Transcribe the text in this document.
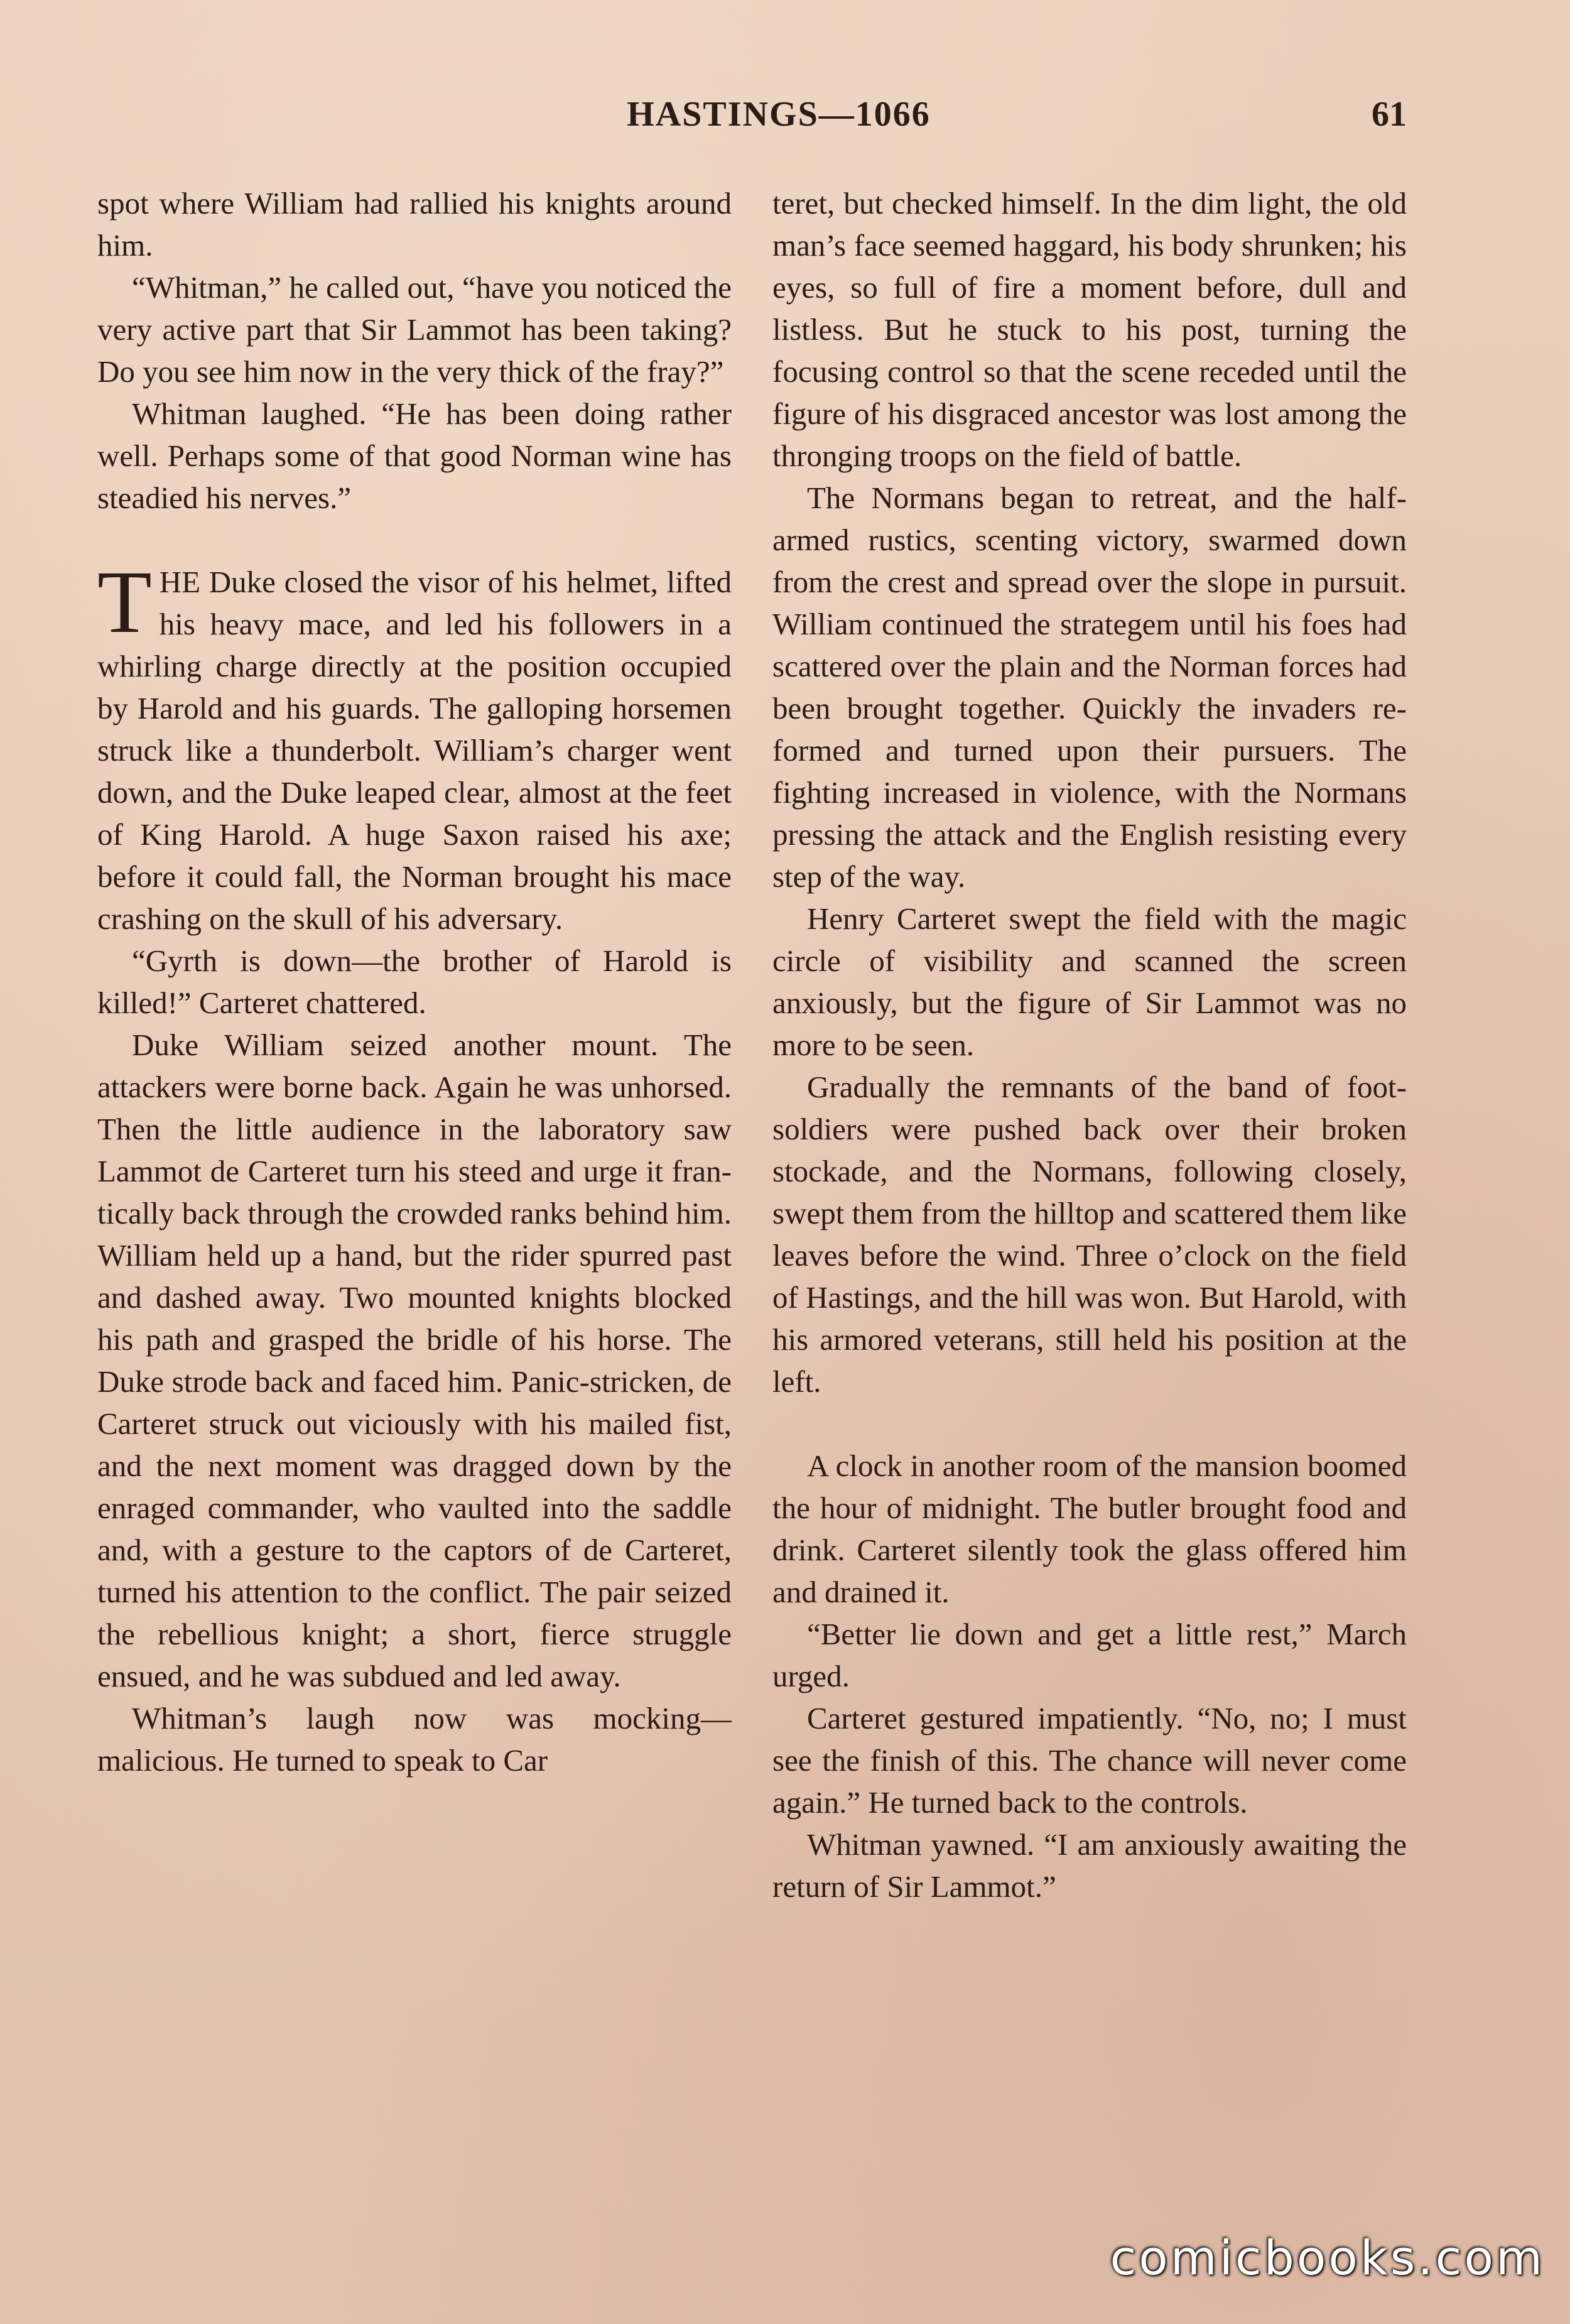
HASTINGS—1066	61

spot where William had rallied his knights around him.

“Whitman,” he called out, “have you noticed the very active part that Sir Lammot has been taking? Do you see him now in the very thick of the fray?”

Whitman laughed. “He has been doing rather well. Perhaps some of that good Norman wine has steadied his nerves.”

THE Duke closed the visor of his helmet, lifted his heavy mace, and led his followers in a whirling charge directly at the position occupied by Harold and his guards. The galloping horsemen struck like a thunderbolt. William’s charger went down, and the Duke leaped clear, almost at the feet of King Harold. A huge Saxon raised his axe; before it could fall, the Norman brought his mace crashing on the skull of his adversary.

“Gyrth is down—the brother of Harold is killed!” Carteret chattered.

Duke William seized another mount. The attackers were borne back. Again he was unhorsed. Then the little audience in the laboratory saw Lammot de Carteret turn his steed and urge it frantically back through the crowded ranks behind him. William held up a hand, but the rider spurred past and dashed away. Two mounted knights blocked his path and grasped the bridle of his horse. The Duke strode back and faced him. Panic-stricken, de Carteret struck out viciously with his mailed fist, and the next moment was dragged down by the enraged commander, who vaulted into the saddle and, with a gesture to the captors of de Carteret, turned his attention to the conflict. The pair seized the rebellious knight; a short, fierce struggle ensued, and he was subdued and led away.

Whitman’s laugh now was mocking—malicious. He turned to speak to Car

teret, but checked himself. In the dim light, the old man’s face seemed haggard, his body shrunken; his eyes, so full of fire a moment before, dull and listless. But he stuck to his post, turning the focusing control so that the scene receded until the figure of his disgraced ancestor was lost among the thronging troops on the field of battle.

The Normans began to retreat, and the half-armed rustics, scenting victory, swarmed down from the crest and spread over the slope in pursuit. William continued the strategem until his foes had scattered over the plain and the Norman forces had been brought together. Quickly the invaders re-formed and turned upon their pursuers. The fighting increased in violence, with the Normans pressing the attack and the English resisting every step of the way.

Henry Carteret swept the field with the magic circle of visibility and scanned the screen anxiously, but the figure of Sir Lammot was no more to be seen.

Gradually the remnants of the band of foot-soldiers were pushed back over their broken stockade, and the Normans, following closely, swept them from the hilltop and scattered them like leaves before the wind. Three o’clock on the field of Hastings, and the hill was won. But Harold, with his armored veterans, still held his position at the left.

A clock in another room of the mansion boomed the hour of midnight. The butler brought food and drink. Carteret silently took the glass offered him and drained it.

“Better lie down and get a little rest,” March urged.

Carteret gestured impatiently. “No, no; I must see the finish of this. The chance will never come again.” He turned back to the controls.

Whitman yawned. “I am anxiously awaiting the return of Sir Lammot.”

comicbooks.com
